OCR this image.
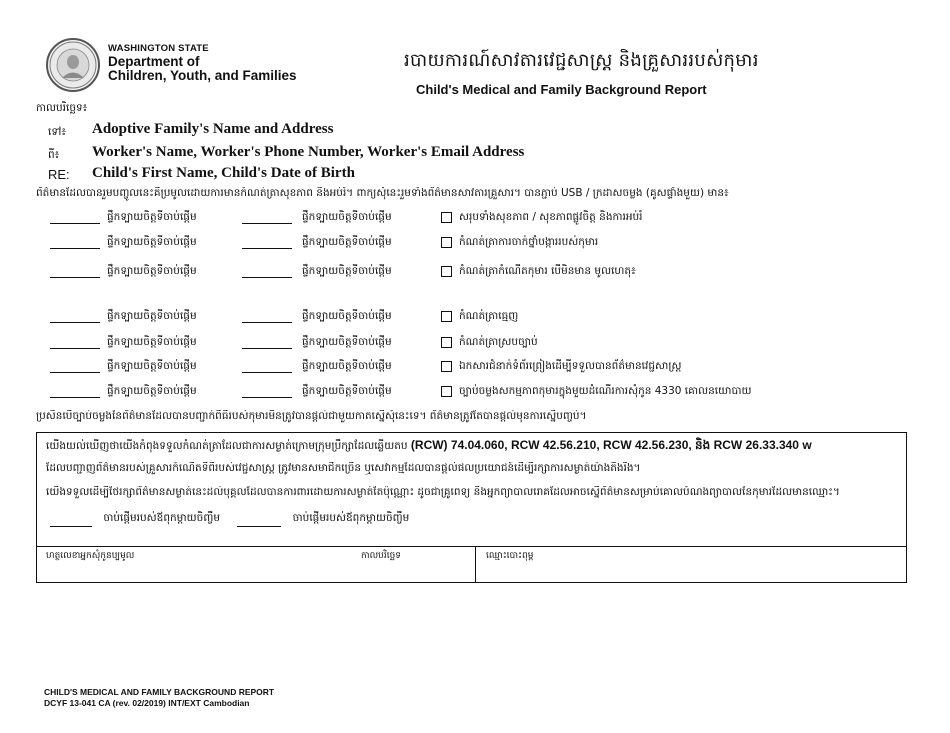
WASHINGTON STATE
Department of
Children, Youth, and Families
របាយការណ៍សាវតារវេជ្ជសាស្ត្រ និងគ្រួសាររបស់កុមារ
Child's Medical and Family Background Report
កាលបរិច្ឆេទ៖
ទៅ៖ Adoptive Family's Name and Address
ពី៖ Worker's Name, Worker's Phone Number, Worker's Email Address
RE: Child's First Name, Child's Date of Birth
ព័ត៌មានដែលបានរួមបញ្ចូលនេះគឺប្រមូលដោយការមានកំណត់ត្រាសុខភាព និងអប់រំ។ ពាក្យសុំនេះរួមទាំងព័ត៌មានសាវតារគ្រួសារ។ បានភ្ជាប់ USB / ក្រដាសចម្លង (គូសផ្ទាំងមួយ) មាន៖
ផ្ទឹកទ្បាយចិត្តទីចាប់ផ្តើម	ផ្ទឹកទ្បាយចិត្តទីចាប់ផ្តើម	សរុបទាំងសុខភាព / សុខភាពផ្លូវចិត្ត និងការអប់រំ
ផ្ទឹកទ្បាយចិត្តទីចាប់ផ្តើម	ផ្ទឹកទ្បាយចិត្តទីចាប់ផ្តើម	កំណត់ត្រាការចាក់ថ្នាំបង្ការរបស់កុមារ
ផ្ទឹកទ្បាយចិត្តទីចាប់ផ្តើម	ផ្ទឹកទ្បាយចិត្តទីចាប់ផ្តើម	កំណត់ត្រាកំណើតកុមារ បើមិនមាន មូលហេតុ៖
ផ្ទឹកទ្បាយចិត្តទីចាប់ផ្តើម	ផ្ទឹកទ្បាយចិត្តទីចាប់ផ្តើម	កំណត់ត្រាធ្មេញ
ផ្ទឹកទ្បាយចិត្តទីចាប់ផ្តើម	ផ្ទឹកទ្បាយចិត្តទីចាប់ផ្តើម	កំណត់ត្រាស្របច្បាប់
ផ្ទឹកទ្បាយចិត្តទីចាប់ផ្តើម	ផ្ទឹកទ្បាយចិត្តទីចាប់ផ្តើម	ឯកសារជំនាក់ទំព័រព្រៀងដើម្បីទទួលបានព័ត៌មានវេជ្ជសាស្ត្រ
ផ្ទឹកទ្បាយចិត្តទីចាប់ផ្តើម	ផ្ទឹកទ្បាយចិត្តទីចាប់ផ្តើម	ច្បាប់ចម្លងសកម្មភាពកុមារក្នុងមួយដំណើរការសុំកូន 4330 គោលនយោបាយ
ប្រសិនបើច្បាប់ចម្លងនៃព័ត៌មានដែលបានបញ្ជាក់ពិធីរបស់កុមារមិនត្រូវបានផ្តល់ជាមួយកាតស្នើសុំនេះទេ។ ព័ត៌មានត្រូវតែបានផ្តល់មុនការស្នើបញ្ចប់។
យើងយល់ឃើញថាយើងកំពុងទទួលកំណត់ត្រាដែលជាការសម្ងាត់ក្រោមក្រុមប្រឹក្សាដែលឆ្លើយតប (RCW) 74.04.060, RCW 42.56.210, RCW 42.56.230, និង RCW 26.33.340 w
ដែលបញ្ជាញព័ត៌មានរបស់គ្រួសារកំណើតទីពីរបស់វេជ្ជសាស្ត្រ ត្រូវមានសមាជិកច្រើន ឬសេវាកម្មដែលបានផ្តល់ផលប្រយោជន៍ដើម្បីរក្សាការសម្ងាត់យ៉ាងតឹងរឹង។
យើងទទួលដើម្បីថែរក្សាព័ត៌មានសម្ងាត់នេះដល់បុគ្គលដែលបានការពារដោយការសម្ងាត់តែប៉ុណ្ណោះ ដូចជាគ្រូពេទ្យ និងអ្នកព្យាបាលរោគដែលអាចស្នើព័ត៌មានសម្រាប់គោលបំណងព្យាបាលនៃកុមារដែលមានឈ្មោះ។
ចាប់ផ្តើមរបស់ឪពុកម្តាយចិញ្ចឹម	ចាប់ផ្តើមរបស់ឪពុកម្តាយចិញ្ចឹម
ហត្ថលេខាអ្នកសុំកូនប្បមូល	កាលបរិច្ឆេទ	ឈ្មោះបោះពុម្ព
CHILD'S MEDICAL AND FAMILY BACKGROUND REPORT
DCYF 13-041 CA (rev. 02/2019) INT/EXT Cambodian
